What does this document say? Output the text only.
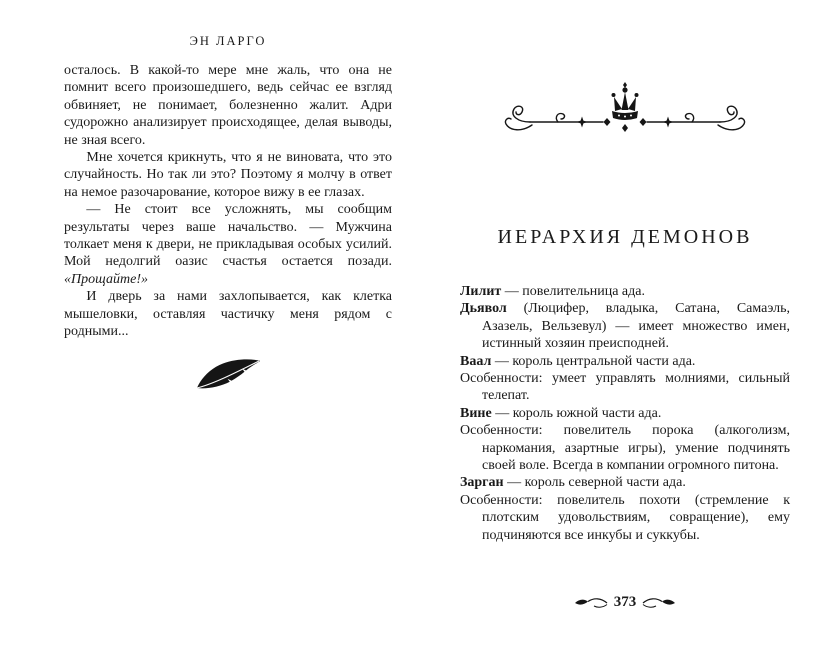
ЭН ЛАРГО

осталось. В какой-то мере мне жаль, что она не помнит всего произошедшего, ведь сейчас ее взгляд обвиняет, не понимает, болезненно жалит. Адри судорожно анализирует происходящее, делая выводы, не зная всего.

Мне хочется крикнуть, что я не виновата, что это случайность. Но так ли это? Поэтому я молчу в ответ на немое разочарование, которое вижу в ее глазах.

— Не стоит все усложнять, мы сообщим результаты через ваше начальство. — Мужчина толкает меня к двери, не прикладывая особых усилий. Мой недолгий оазис счастья остается позади. «Прощайте!»

И дверь за нами захлопывается, как клетка мышеловки, оставляя частичку меня рядом с родными...

ИЕРАРХИЯ ДЕМОНОВ

Лилит — повелительница ада.

Дьявол (Люцифер, владыка, Сатана, Самаэль, Азазель, Вельзевул) — имеет множество имен, истинный хозяин преисподней.

Ваал — король центральной части ада.

Особенности: умеет управлять молниями, сильный телепат.

Вине — король южной части ада.

Особенности: повелитель порока (алкоголизм, наркомания, азартные игры), умение подчинять своей воле. Всегда в компании огромного питона.

Зарган — король северной части ада.

Особенности: повелитель похоти (стремление к плотским удовольствиям, совращение), ему подчиняются все инкубы и суккубы.

373
